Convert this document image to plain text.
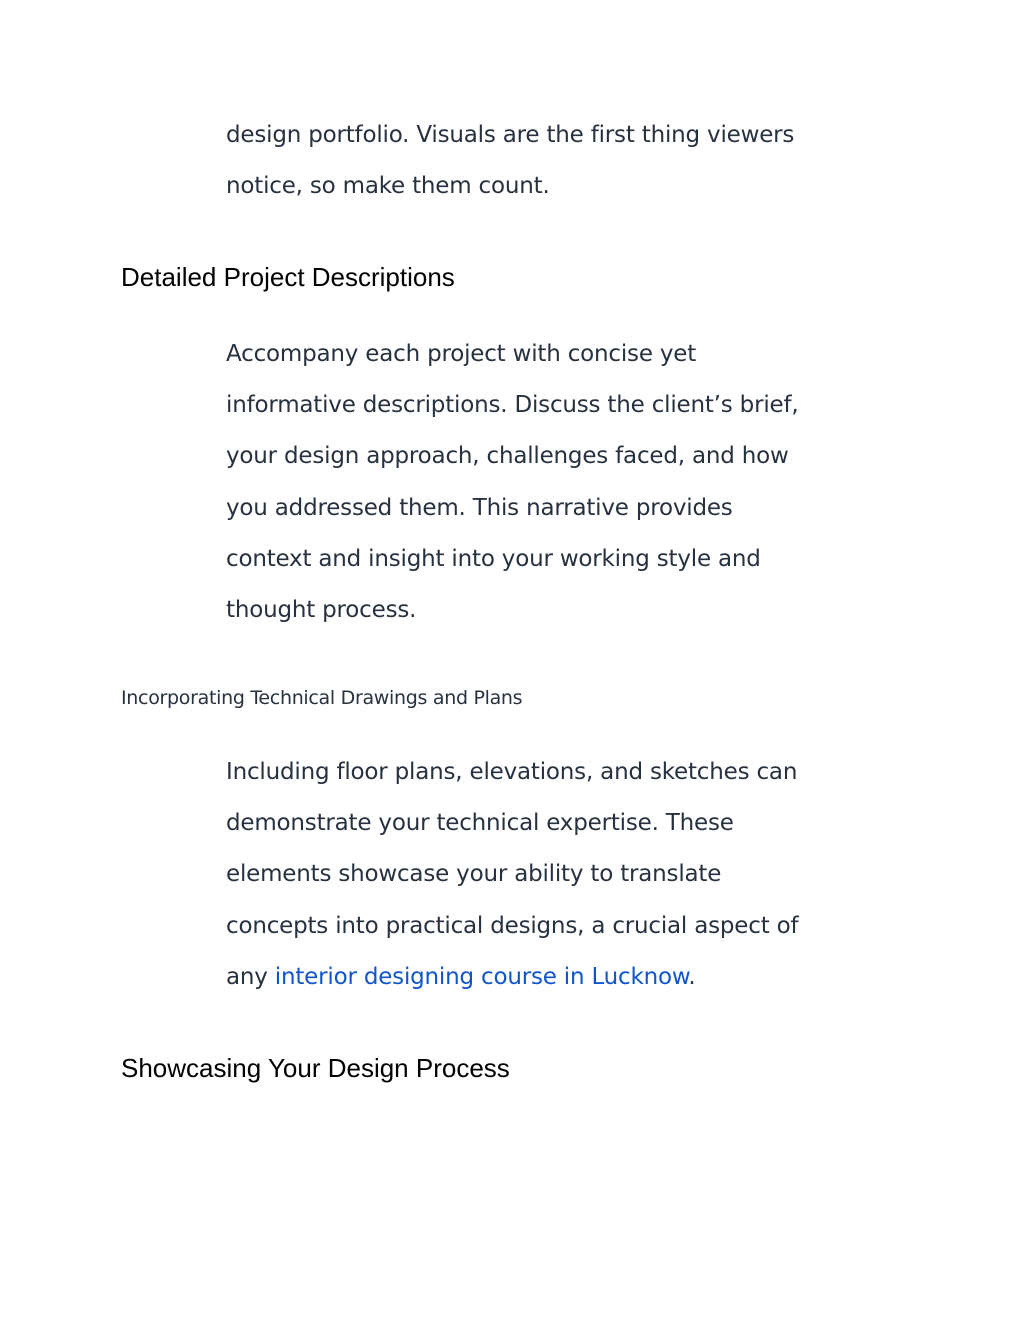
design portfolio. Visuals are the first thing viewers
notice, so make them count.

Detailed Project Descriptions

Accompany each project with concise yet
informative descriptions. Discuss the client’s brief,
your design approach, challenges faced, and how
you addressed them. This narrative provides
context and insight into your working style and
thought process.

Incorporating Technical Drawings and Plans

Including floor plans, elevations, and sketches can
demonstrate your technical expertise. These
elements showcase your ability to translate
concepts into practical designs, a crucial aspect of
any interior designing course in Lucknow.

Showcasing Your Design Process
